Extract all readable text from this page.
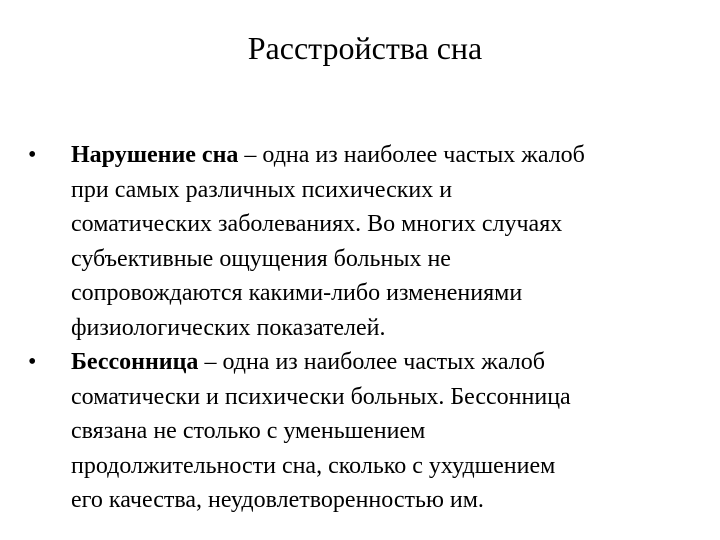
Расстройства сна
• Нарушение сна – одна из наиболее частых жалоб
при самых различных психических и
соматических заболеваниях. Во многих случаях
субъективные ощущения больных не
сопровождаются какими-либо изменениями
физиологических показателей.
• Бессонница – одна из наиболее частых жалоб
соматически и психически больных. Бессонница
связана не столько с уменьшением
продолжительности сна, сколько с ухудшением
его качества, неудовлетворенностью им.
